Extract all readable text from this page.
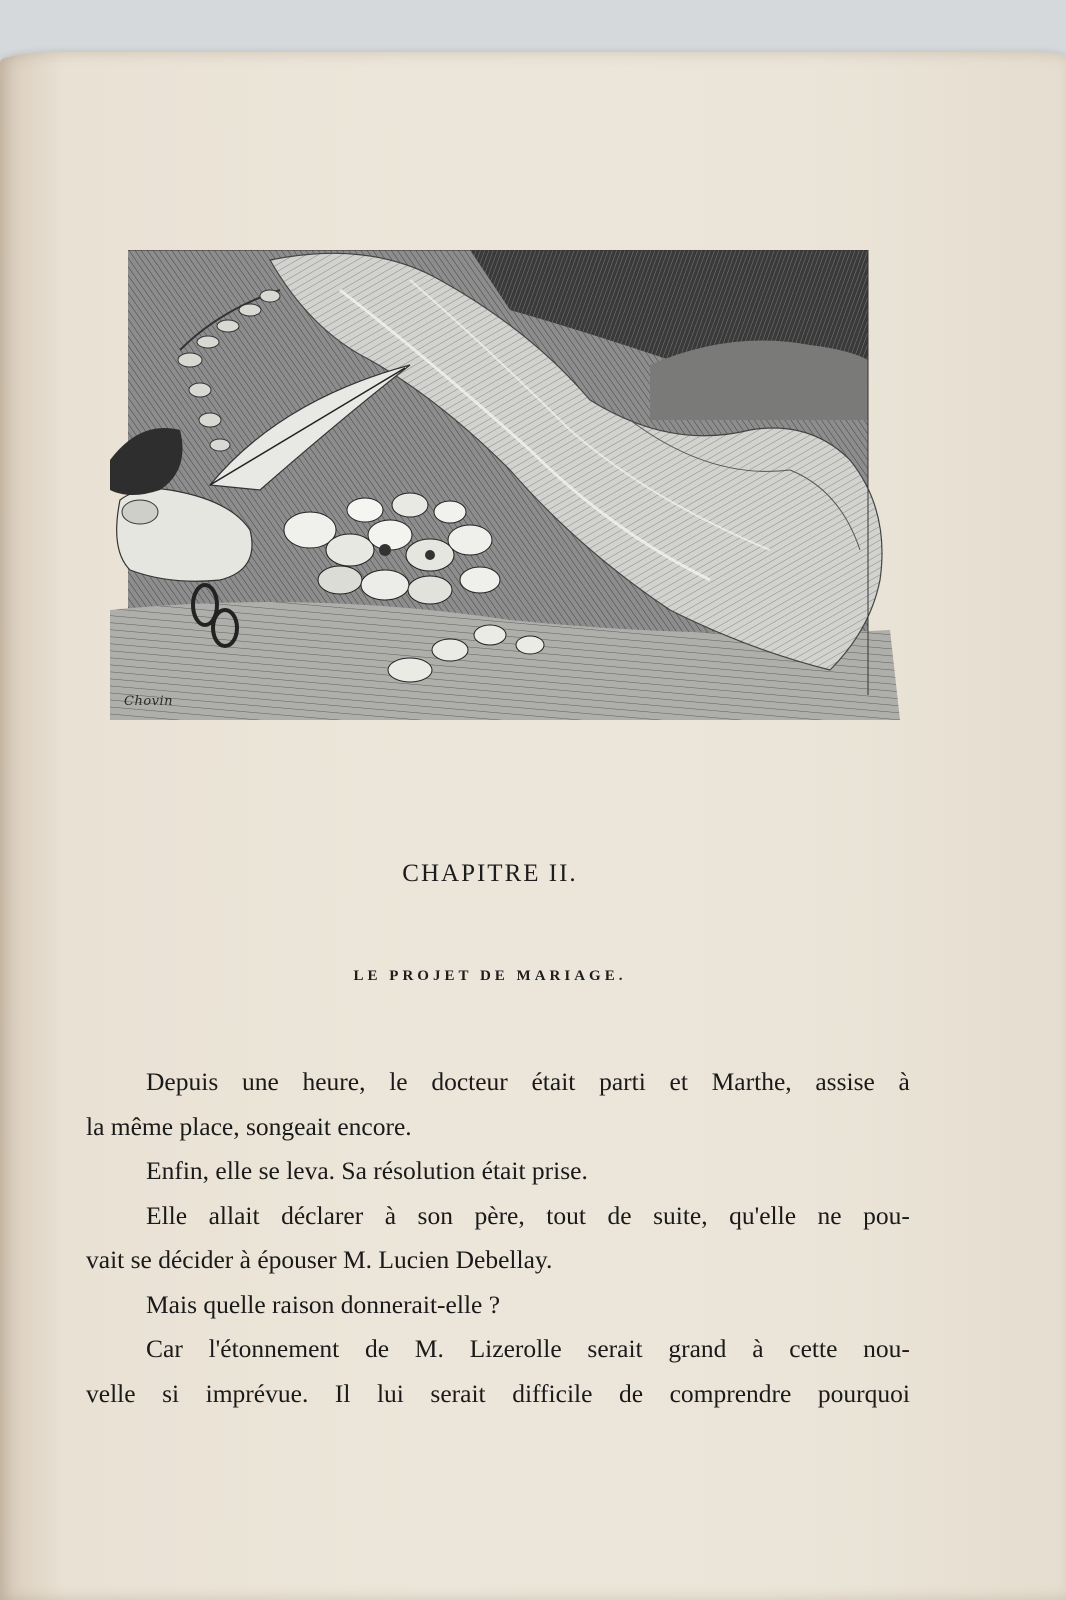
Chovin
CHAPITRE II.
LE PROJET DE MARIAGE.
Depuis une heure, le docteur était parti et Marthe, assise à
la même place, songeait encore.
Enfin, elle se leva. Sa résolution était prise.
Elle allait déclarer à son père, tout de suite, qu'elle ne pou-
vait se décider à épouser M. Lucien Debellay.
Mais quelle raison donnerait-elle ?
Car l'étonnement de M. Lizerolle serait grand à cette nou-
velle si imprévue. Il lui serait difficile de comprendre pourquoi
